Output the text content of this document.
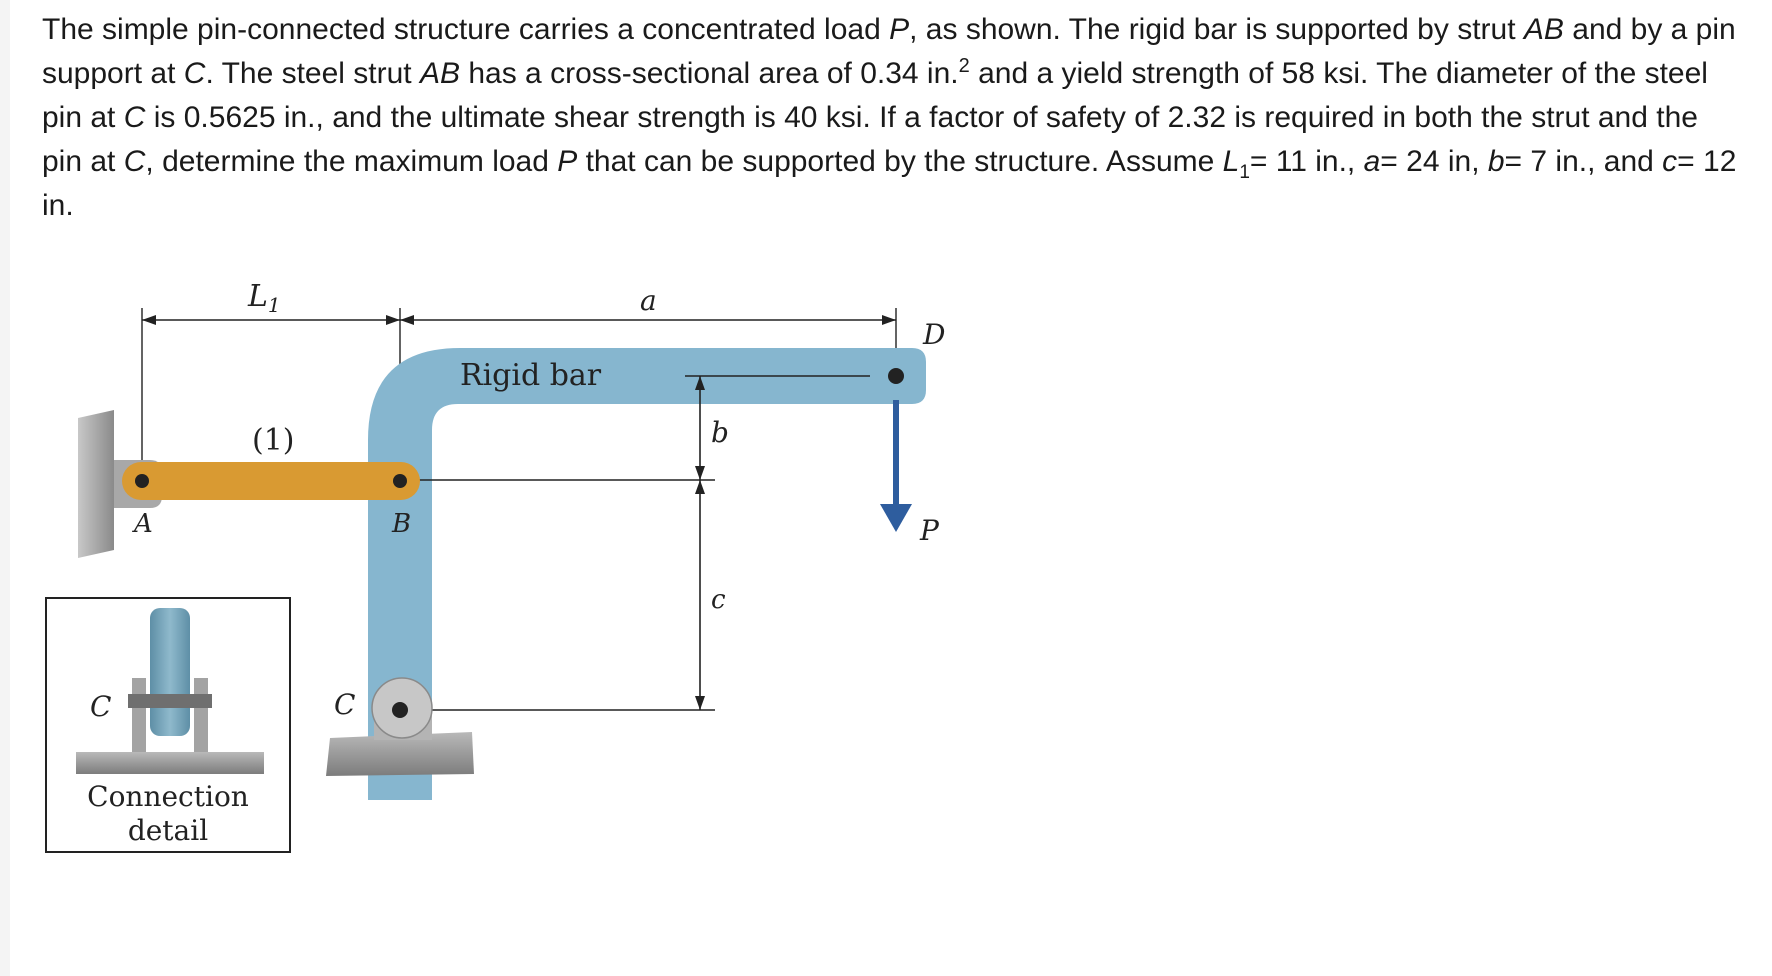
The simple pin-connected structure carries a concentrated load P, as shown. The rigid bar is supported by strut AB and by a pin support at C. The steel strut AB has a cross-sectional area of 0.34 in.$^2$ and a yield strength of 58 ksi. The diameter of the steel pin at C is 0.5625 in., and the ultimate shear strength is 40 ksi. If a factor of safety of 2.32 is required in both the strut and the pin at C, determine the maximum load P that can be supported by the structure. Assume $L_1= 11$ in., a= 24 in, b= 7 in., and c= 12 in.
$L_1$	a
Rigid bar
D
b
c
(1)
A	B	P
C
C
Connection
detail
